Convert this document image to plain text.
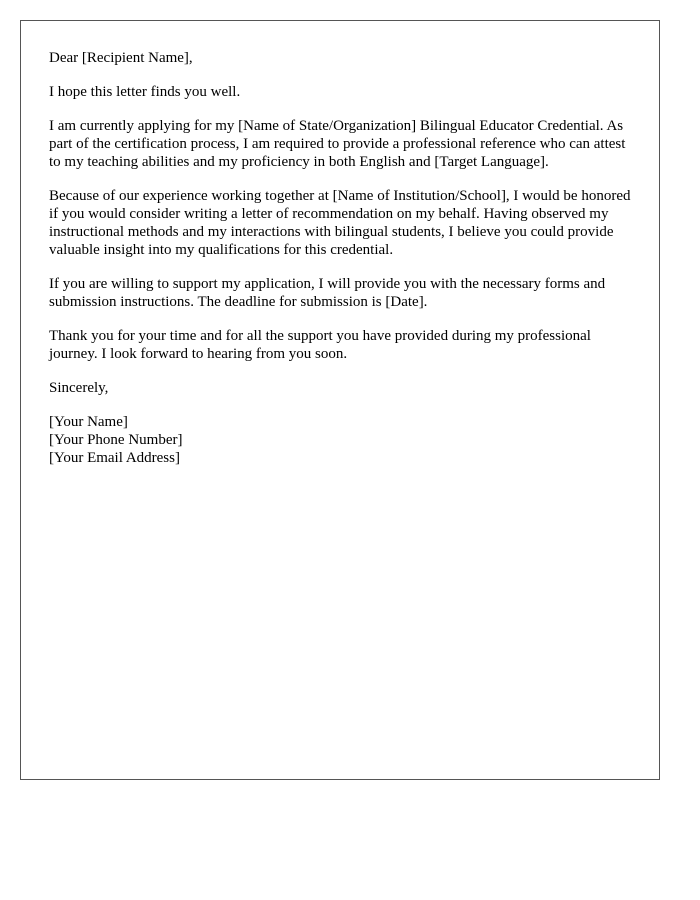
Dear [Recipient Name],

I hope this letter finds you well.

I am currently applying for my [Name of State/Organization] Bilingual Educator Credential. As part of the certification process, I am required to provide a professional reference who can attest to my teaching abilities and my proficiency in both English and [Target Language].

Because of our experience working together at [Name of Institution/School], I would be honored if you would consider writing a letter of recommendation on my behalf. Having observed my instructional methods and my interactions with bilingual students, I believe you could provide valuable insight into my qualifications for this credential.

If you are willing to support my application, I will provide you with the necessary forms and submission instructions. The deadline for submission is [Date].

Thank you for your time and for all the support you have provided during my professional journey. I look forward to hearing from you soon.

Sincerely,

[Your Name]
[Your Phone Number]
[Your Email Address]
